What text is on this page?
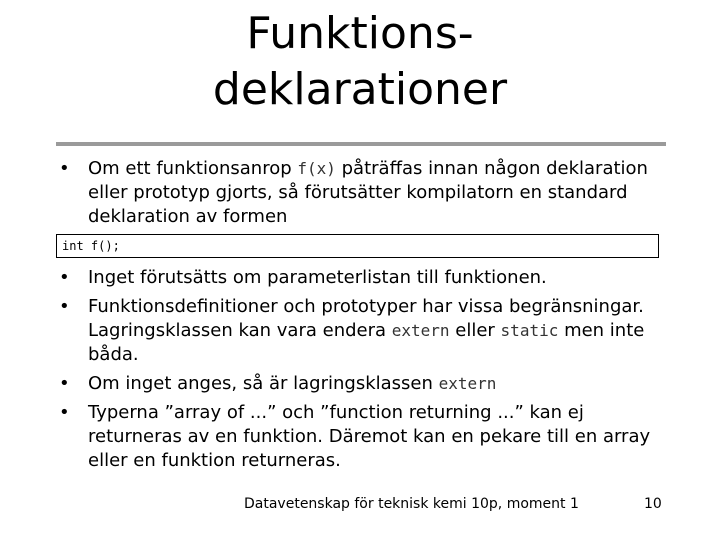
Funktions-
deklarationer
• Om ett funktionsanrop f(x) påträffas innan någon deklaration eller prototyp gjorts, så förutsätter kompilatorn en standard deklaration av formen
int f();
• Inget förutsätts om parameterlistan till funktionen.
• Funktionsdefinitioner och prototyper har vissa begränsningar. Lagringsklassen kan vara endera extern eller static men inte båda.
• Om inget anges, så är lagringsklassen extern
• Typerna ”array of ...” och ”function returning ...” kan ej returneras av en funktion. Däremot kan en pekare till en array eller en funktion returneras.
Datavetenskap för teknisk kemi 10p, moment 1	10
